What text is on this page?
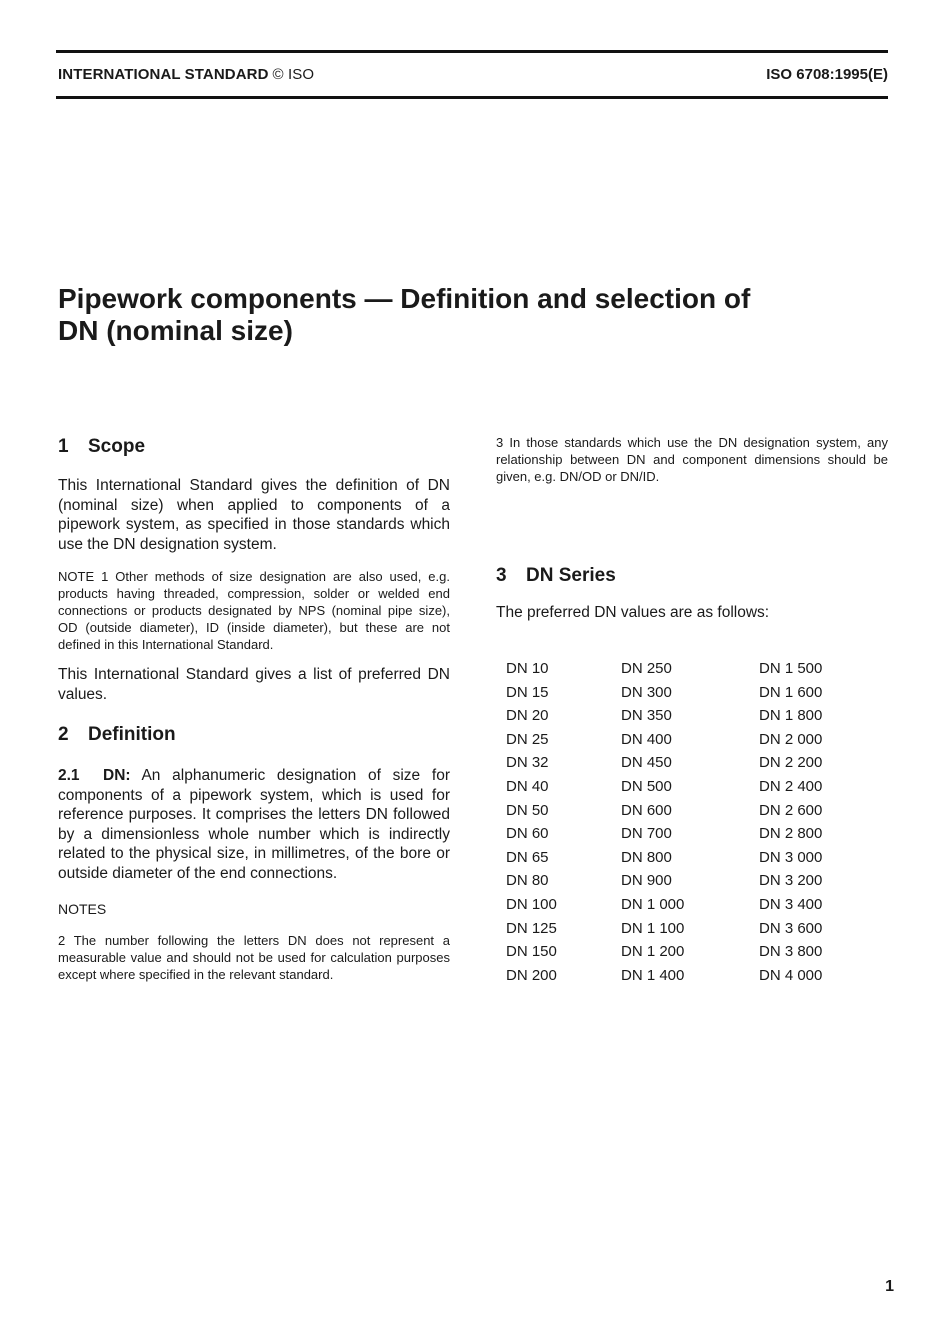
INTERNATIONAL STANDARD © ISO	ISO 6708:1995(E)
Pipework components — Definition and selection of
DN (nominal size)
1 Scope

This International Standard gives the definition of DN (nominal size) when applied to components of a pipework system, as specified in those standards which use the DN designation system.

NOTE 1 Other methods of size designation are also used, e.g. products having threaded, compression, solder or welded end connections or products designated by NPS (nominal pipe size), OD (outside diameter), ID (inside diameter), but these are not defined in this International Standard.

This International Standard gives a list of preferred DN values.

2 Definition

2.1 DN: An alphanumeric designation of size for components of a pipework system, which is used for reference purposes. It comprises the letters DN followed by a dimensionless whole number which is indirectly related to the physical size, in millimetres, of the bore or outside diameter of the end connections.

NOTES

2 The number following the letters DN does not represent a measurable value and should not be used for calculation purposes except where specified in the relevant standard.

3 In those standards which use the DN designation system, any relationship between DN and component dimensions should be given, e.g. DN/OD or DN/ID.

3 DN Series

The preferred DN values are as follows:

DN 10
DN 15
DN 20
DN 25
DN 32
DN 40
DN 50
DN 60
DN 65
DN 80
DN 100
DN 125
DN 150
DN 200
DN 250
DN 300
DN 350
DN 400
DN 450
DN 500
DN 600
DN 700
DN 800
DN 900
DN 1 000
DN 1 100
DN 1 200
DN 1 400
DN 1 500
DN 1 600
DN 1 800
DN 2 000
DN 2 200
DN 2 400
DN 2 600
DN 2 800
DN 3 000
DN 3 200
DN 3 400
DN 3 600
DN 3 800
DN 4 000
1
